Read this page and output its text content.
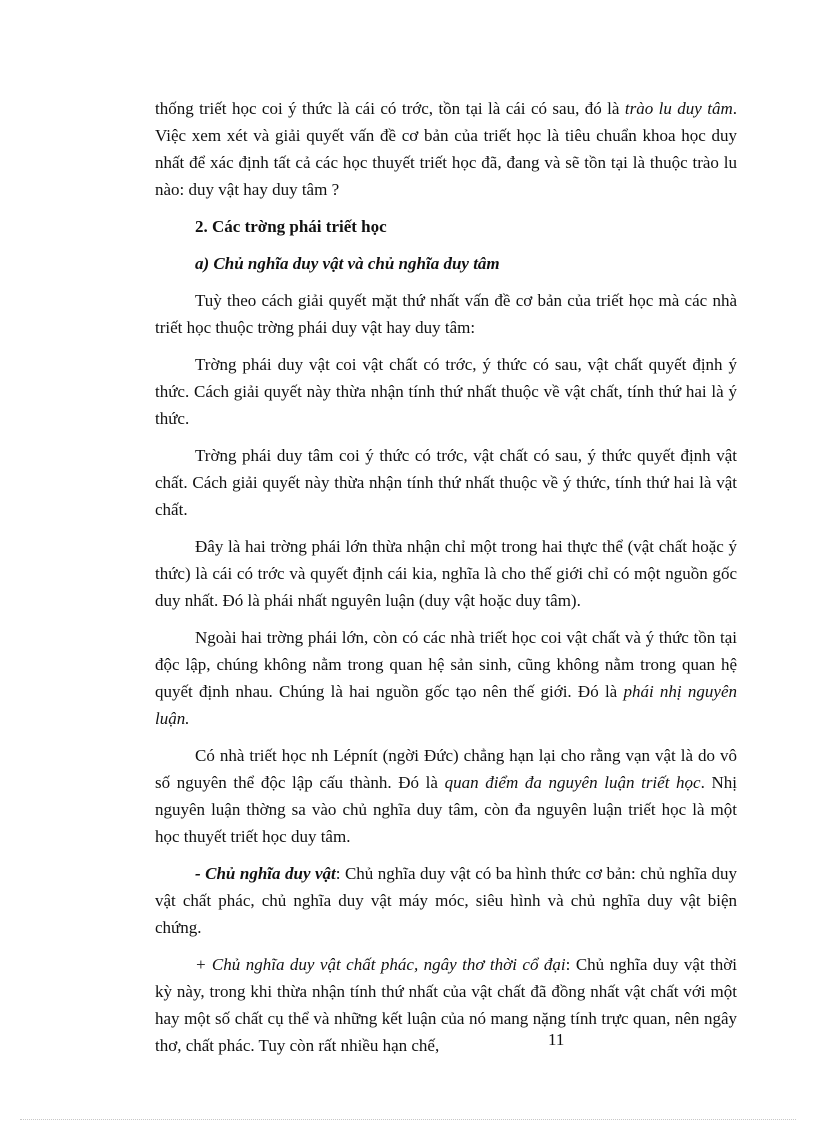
thống triết học coi ý thức là cái có trớc, tồn tại là cái có sau, đó là trào lu duy tâm. Việc xem xét và giải quyết vấn đề cơ bản của triết học là tiêu chuẩn khoa học duy nhất để xác định tất cả các học thuyết triết học đã, đang và sẽ tồn tại là thuộc trào lu nào: duy vật hay duy tâm ?

2. Các trờng phái triết học

a) Chủ nghĩa duy vật và chủ nghĩa duy tâm

Tuỳ theo cách giải quyết mặt thứ nhất vấn đề cơ bản của triết học mà các nhà triết học thuộc trờng phái duy vật hay duy tâm:

Trờng phái duy vật coi vật chất có trớc, ý thức có sau, vật chất quyết định ý thức. Cách giải quyết này thừa nhận tính thứ nhất thuộc về vật chất, tính thứ hai là ý thức.

Trờng phái duy tâm coi ý thức có trớc, vật chất có sau, ý thức quyết định vật chất. Cách giải quyết này thừa nhận tính thứ nhất thuộc về ý thức, tính thứ hai là vật chất.

Đây là hai trờng phái lớn thừa nhận chỉ một trong hai thực thể (vật chất hoặc ý thức) là cái có trớc và quyết định cái kia, nghĩa là cho thế giới chỉ có một nguồn gốc duy nhất. Đó là phái nhất nguyên luận (duy vật hoặc duy tâm).

Ngoài hai trờng phái lớn, còn có các nhà triết học coi vật chất và ý thức tồn tại độc lập, chúng không nằm trong quan hệ sản sinh, cũng không nằm trong quan hệ quyết định nhau. Chúng là hai nguồn gốc tạo nên thế giới. Đó là phái nhị nguyên luận.

Có nhà triết học nh Lépnít (ngời Đức) chẳng hạn lại cho rằng vạn vật là do vô số nguyên thể độc lập cấu thành. Đó là quan điểm đa nguyên luận triết học. Nhị nguyên luận thờng sa vào chủ nghĩa duy tâm, còn đa nguyên luận triết học là một học thuyết triết học duy tâm.

- Chủ nghĩa duy vật: Chủ nghĩa duy vật có ba hình thức cơ bản: chủ nghĩa duy vật chất phác, chủ nghĩa duy vật máy móc, siêu hình và chủ nghĩa duy vật biện chứng.

+ Chủ nghĩa duy vật chất phác, ngây thơ thời cổ đại: Chủ nghĩa duy vật thời kỳ này, trong khi thừa nhận tính thứ nhất của vật chất đã đồng nhất vật chất với một hay một số chất cụ thể và những kết luận của nó mang nặng tính trực quan, nên ngây thơ, chất phác. Tuy còn rất nhiều hạn chế,	11
